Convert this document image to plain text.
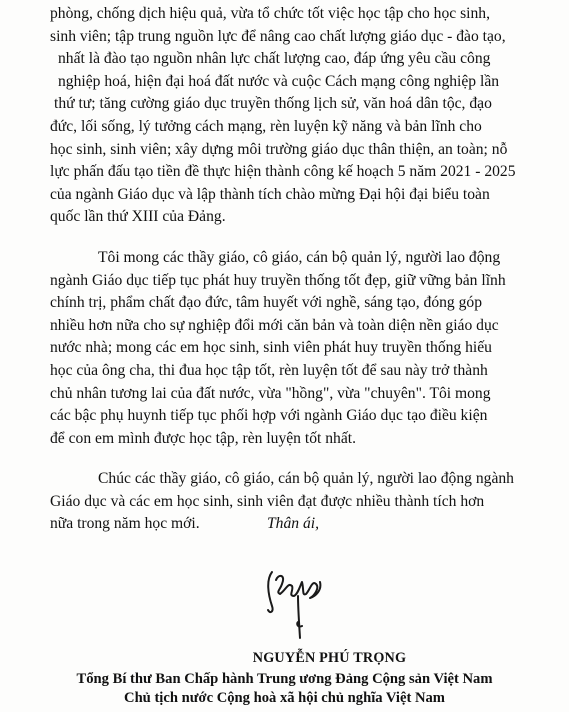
phòng, chống dịch hiệu quả, vừa tổ chức tốt việc học tập cho học sinh,
sinh viên; tập trung nguồn lực để nâng cao chất lượng giáo dục - đào tạo,
nhất là đào tạo nguồn nhân lực chất lượng cao, đáp ứng yêu cầu công
nghiệp hoá, hiện đại hoá đất nước và cuộc Cách mạng công nghiệp lần
thứ tư; tăng cường giáo dục truyền thống lịch sử, văn hoá dân tộc, đạo
đức, lối sống, lý tưởng cách mạng, rèn luyện kỹ năng và bản lĩnh cho
học sinh, sinh viên; xây dựng môi trường giáo dục thân thiện, an toàn; nỗ
lực phấn đấu tạo tiền đề thực hiện thành công kế hoạch 5 năm 2021 - 2025
của ngành Giáo dục và lập thành tích chào mừng Đại hội đại biểu toàn
quốc lần thứ XIII của Đảng.

Tôi mong các thầy giáo, cô giáo, cán bộ quản lý, người lao động
ngành Giáo dục tiếp tục phát huy truyền thống tốt đẹp, giữ vững bản lĩnh
chính trị, phẩm chất đạo đức, tâm huyết với nghề, sáng tạo, đóng góp
nhiều hơn nữa cho sự nghiệp đổi mới căn bản và toàn diện nền giáo dục
nước nhà; mong các em học sinh, sinh viên phát huy truyền thống hiếu
học của ông cha, thi đua học tập tốt, rèn luyện tốt để sau này trở thành
chủ nhân tương lai của đất nước, vừa "hồng", vừa "chuyên". Tôi mong
các bậc phụ huynh tiếp tục phối hợp với ngành Giáo dục tạo điều kiện
để con em mình được học tập, rèn luyện tốt nhất.

Chúc các thầy giáo, cô giáo, cán bộ quản lý, người lao động ngành
Giáo dục và các em học sinh, sinh viên đạt được nhiều thành tích hơn
nữa trong năm học mới.	Thân ái,
NGUYỄN PHÚ TRỌNG
Tổng Bí thư Ban Chấp hành Trung ương Đảng Cộng sản Việt Nam
Chủ tịch nước Cộng hoà xã hội chủ nghĩa Việt Nam
